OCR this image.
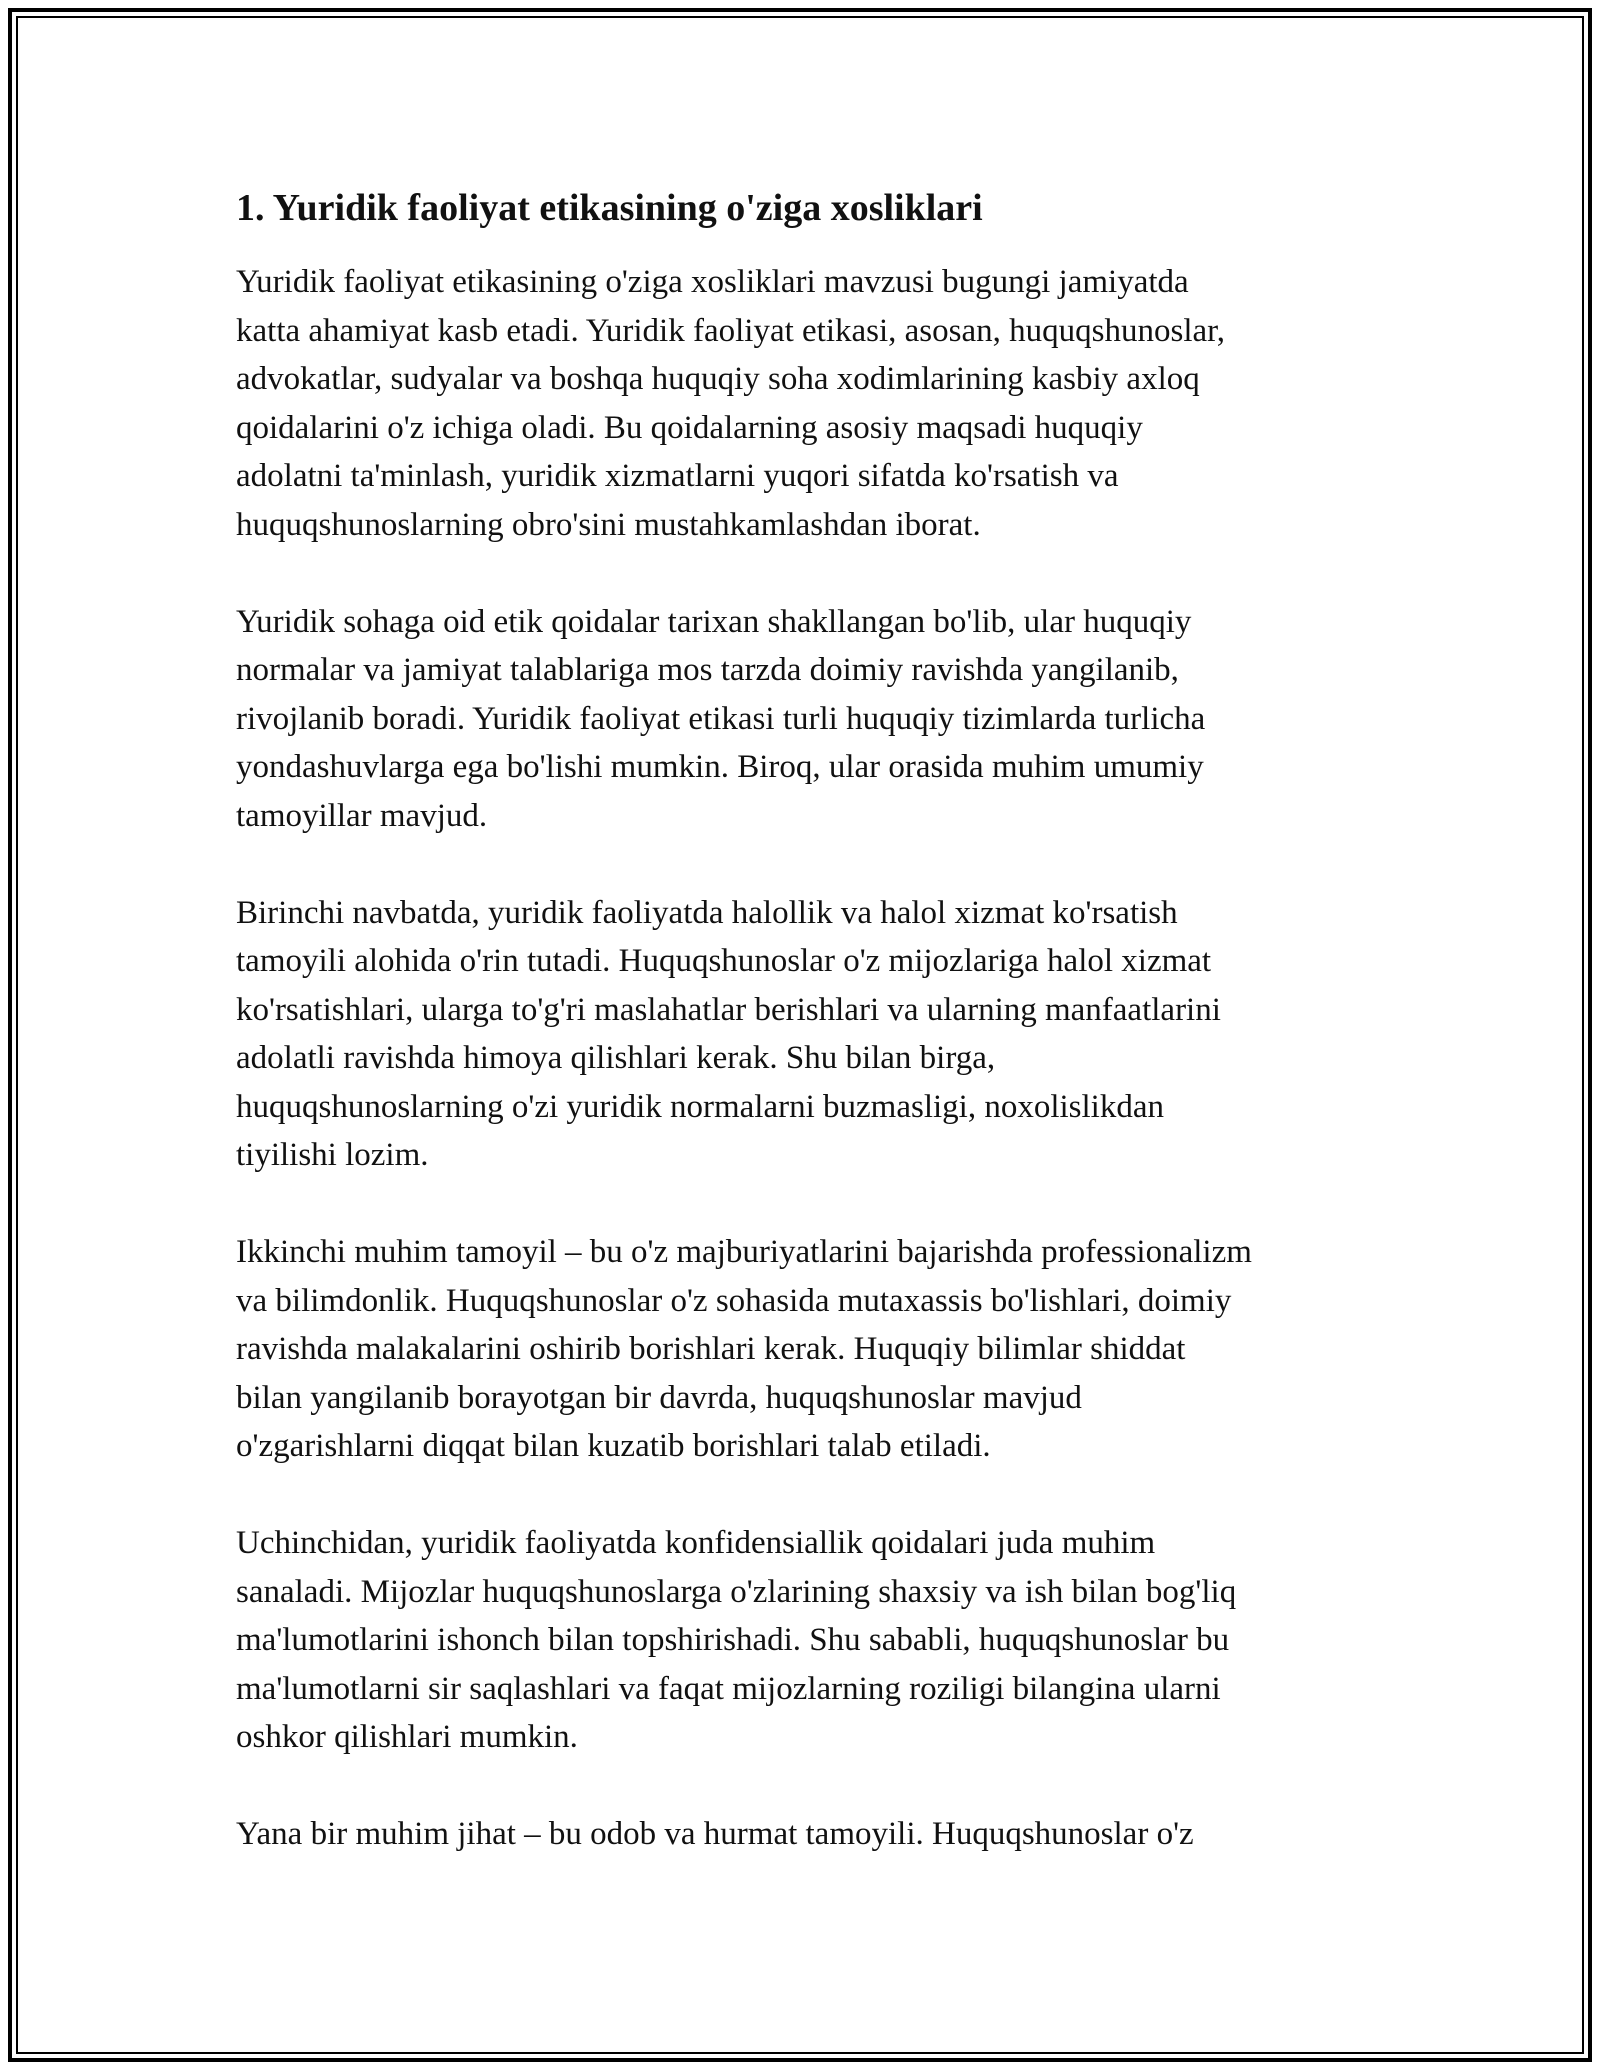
1. Yuridik faoliyat etikasining o'ziga xosliklari
Yuridik faoliyat etikasining o'ziga xosliklari mavzusi bugungi jamiyatda
katta ahamiyat kasb etadi. Yuridik faoliyat etikasi, asosan, huquqshunoslar,
advokatlar, sudyalar va boshqa huquqiy soha xodimlarining kasbiy axloq
qoidalarini o'z ichiga oladi. Bu qoidalarning asosiy maqsadi huquqiy
adolatni ta'minlash, yuridik xizmatlarni yuqori sifatda ko'rsatish va
huquqshunoslarning obro'sini mustahkamlashdan iborat.
Yuridik sohaga oid etik qoidalar tarixan shakllangan bo'lib, ular huquqiy
normalar va jamiyat talablariga mos tarzda doimiy ravishda yangilanib,
rivojlanib boradi. Yuridik faoliyat etikasi turli huquqiy tizimlarda turlicha
yondashuvlarga ega bo'lishi mumkin. Biroq, ular orasida muhim umumiy
tamoyillar mavjud.
Birinchi navbatda, yuridik faoliyatda halollik va halol xizmat ko'rsatish
tamoyili alohida o'rin tutadi. Huquqshunoslar o'z mijozlariga halol xizmat
ko'rsatishlari, ularga to'g'ri maslahatlar berishlari va ularning manfaatlarini
adolatli ravishda himoya qilishlari kerak. Shu bilan birga,
huquqshunoslarning o'zi yuridik normalarni buzmasligi, noxolislikdan
tiyilishi lozim.
Ikkinchi muhim tamoyil – bu o'z majburiyatlarini bajarishda professionalizm
va bilimdonlik. Huquqshunoslar o'z sohasida mutaxassis bo'lishlari, doimiy
ravishda malakalarini oshirib borishlari kerak. Huquqiy bilimlar shiddat
bilan yangilanib borayotgan bir davrda, huquqshunoslar mavjud
o'zgarishlarni diqqat bilan kuzatib borishlari talab etiladi.
Uchinchidan, yuridik faoliyatda konfidensiallik qoidalari juda muhim
sanaladi. Mijozlar huquqshunoslarga o'zlarining shaxsiy va ish bilan bog'liq
ma'lumotlarini ishonch bilan topshirishadi. Shu sababli, huquqshunoslar bu
ma'lumotlarni sir saqlashlari va faqat mijozlarning roziligi bilangina ularni
oshkor qilishlari mumkin.
Yana bir muhim jihat – bu odob va hurmat tamoyili. Huquqshunoslar o'z
